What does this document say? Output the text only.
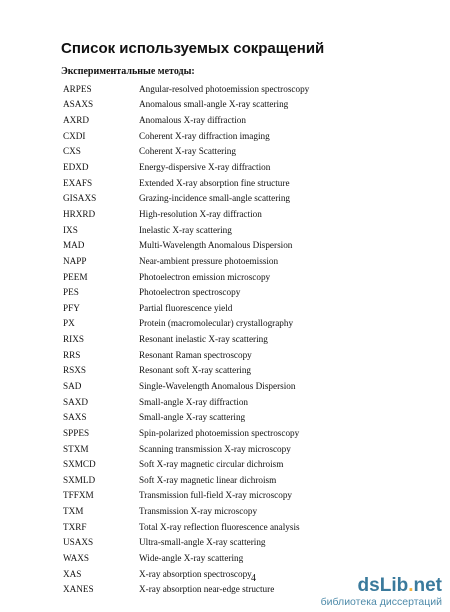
Список используемых сокращений
Экспериментальные методы:
ARPES	Angular-resolved photoemission spectroscopy
ASAXS	Anomalous small-angle X-ray scattering
AXRD	Anomalous X-ray diffraction
CXDI	Coherent X-ray diffraction imaging
CXS	Coherent X-ray Scattering
EDXD	Energy-dispersive X-ray diffraction
EXAFS	Extended X-ray absorption fine structure
GISAXS	Grazing-incidence small-angle scattering
HRXRD	High-resolution X-ray diffraction
IXS	Inelastic X-ray scattering
MAD	Multi-Wavelength Anomalous Dispersion
NAPP	Near-ambient pressure photoemission
PEEM	Photoelectron emission microscopy
PES	Photoelectron spectroscopy
PFY	Partial fluorescence yield
PX	Protein (macromolecular) crystallography
RIXS	Resonant inelastic X-ray scattering
RRS	Resonant Raman spectroscopy
RSXS	Resonant soft X-ray scattering
SAD	Single-Wavelength Anomalous Dispersion
SAXD	Small-angle X-ray diffraction
SAXS	Small-angle X-ray scattering
SPPES	Spin-polarized photoemission spectroscopy
STXM	Scanning transmission X-ray microscopy
SXMCD	Soft X-ray magnetic circular dichroism
SXMLD	Soft X-ray magnetic linear dichroism
TFFXM	Transmission full-field X-ray microscopy
TXM	Transmission X-ray microscopy
TXRF	Total X-ray reflection fluorescence analysis
USAXS	Ultra-small-angle X-ray scattering
WAXS	Wide-angle X-ray scattering
XAS	X-ray absorption spectroscopy
XANES	X-ray absorption near-edge structure
4	dsLib.net
библиотека диссертаций
